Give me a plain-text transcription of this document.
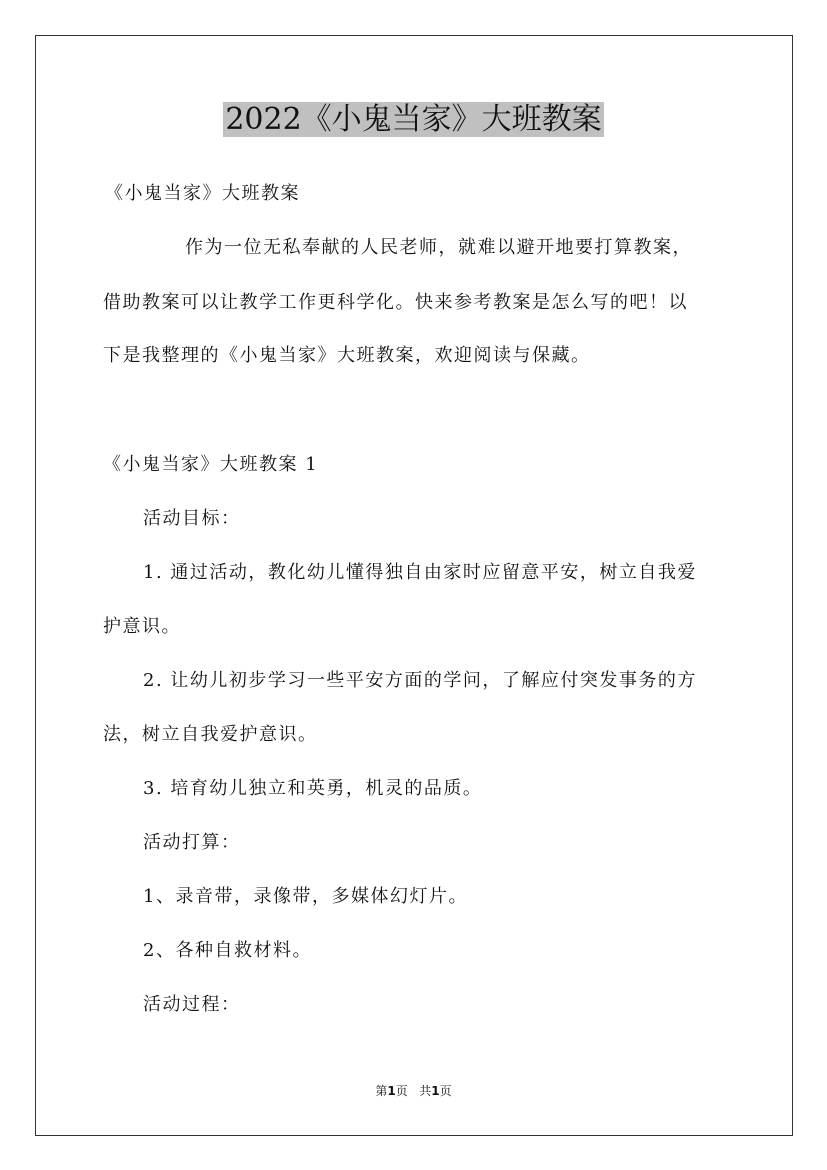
2022《小鬼当家》大班教案

《小鬼当家》大班教案

作为一位无私奉献的人民老师，就难以避开地要打算教案，

借助教案可以让教学工作更科学化。快来参考教案是怎么写的吧！以

下是我整理的《小鬼当家》大班教案，欢迎阅读与保藏。

《小鬼当家》大班教案 1

活动目标：

1. 通过活动，教化幼儿懂得独自由家时应留意平安，树立自我爱

护意识。

2. 让幼儿初步学习一些平安方面的学问，了解应付突发事务的方

法，树立自我爱护意识。

3. 培育幼儿独立和英勇，机灵的品质。

活动打算：

1、录音带，录像带，多媒体幻灯片。

2、各种自救材料。

活动过程：

第1页 共1页
